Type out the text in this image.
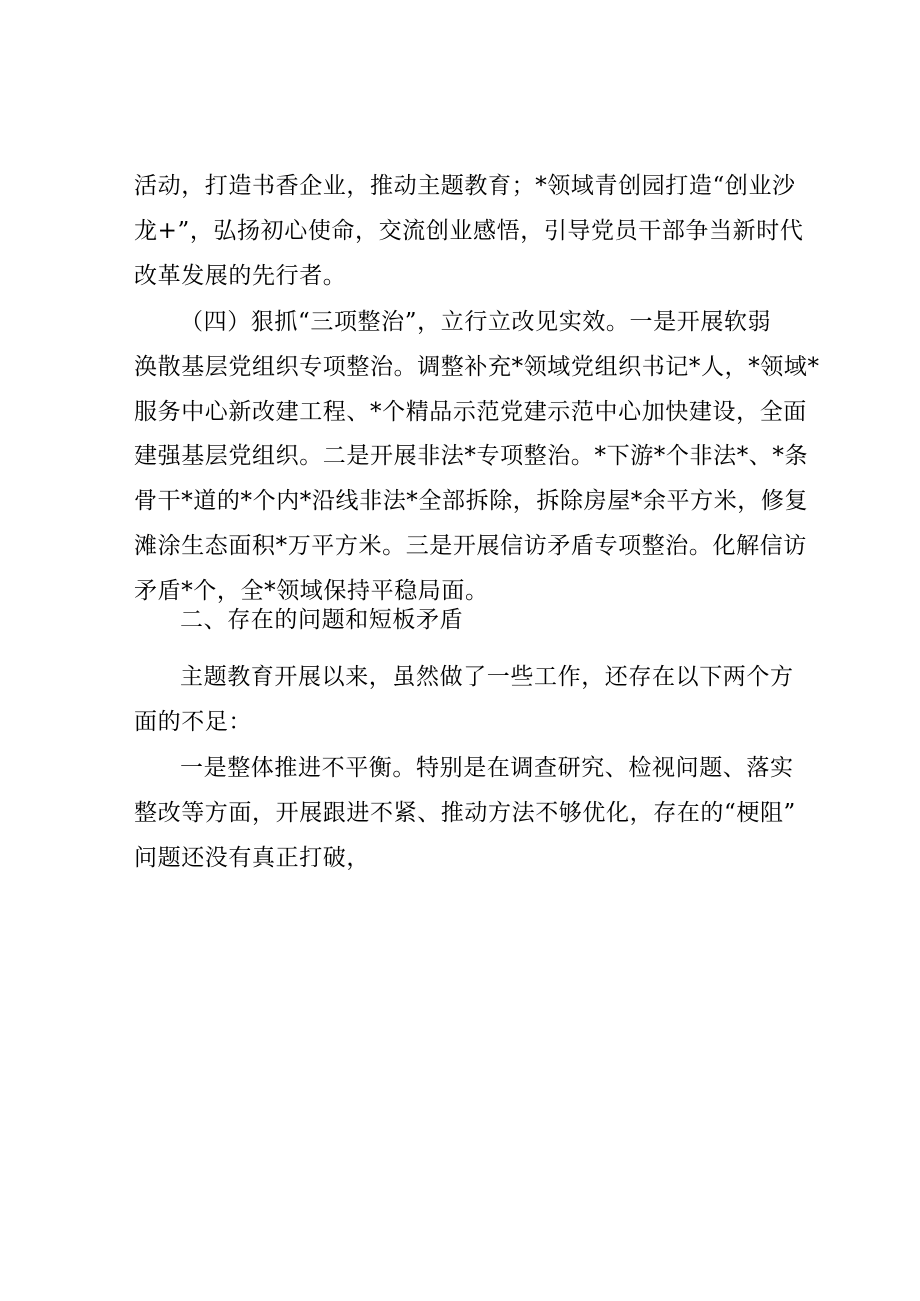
活动，打造书香企业，推动主题教育；*领域青创园打造“创业沙
龙+”，弘扬初心使命，交流创业感悟，引导党员干部争当新时代
改革发展的先行者。
（四）狠抓“三项整治”，立行立改见实效。一是开展软弱
涣散基层党组织专项整治。调整补充*领域党组织书记*人，*领域*
服务中心新改建工程、*个精品示范党建示范中心加快建设，全面
建强基层党组织。二是开展非法*专项整治。*下游*个非法*、*条
骨干*道的*个内*沿线非法*全部拆除，拆除房屋*余平方米，修复
滩涂生态面积*万平方米。三是开展信访矛盾专项整治。化解信访
矛盾*个，全*领域保持平稳局面。
二、存在的问题和短板矛盾
主题教育开展以来，虽然做了一些工作，还存在以下两个方
面的不足：
一是整体推进不平衡。特别是在调查研究、检视问题、落实
整改等方面，开展跟进不紧、推动方法不够优化，存在的“梗阻”
问题还没有真正打破，
